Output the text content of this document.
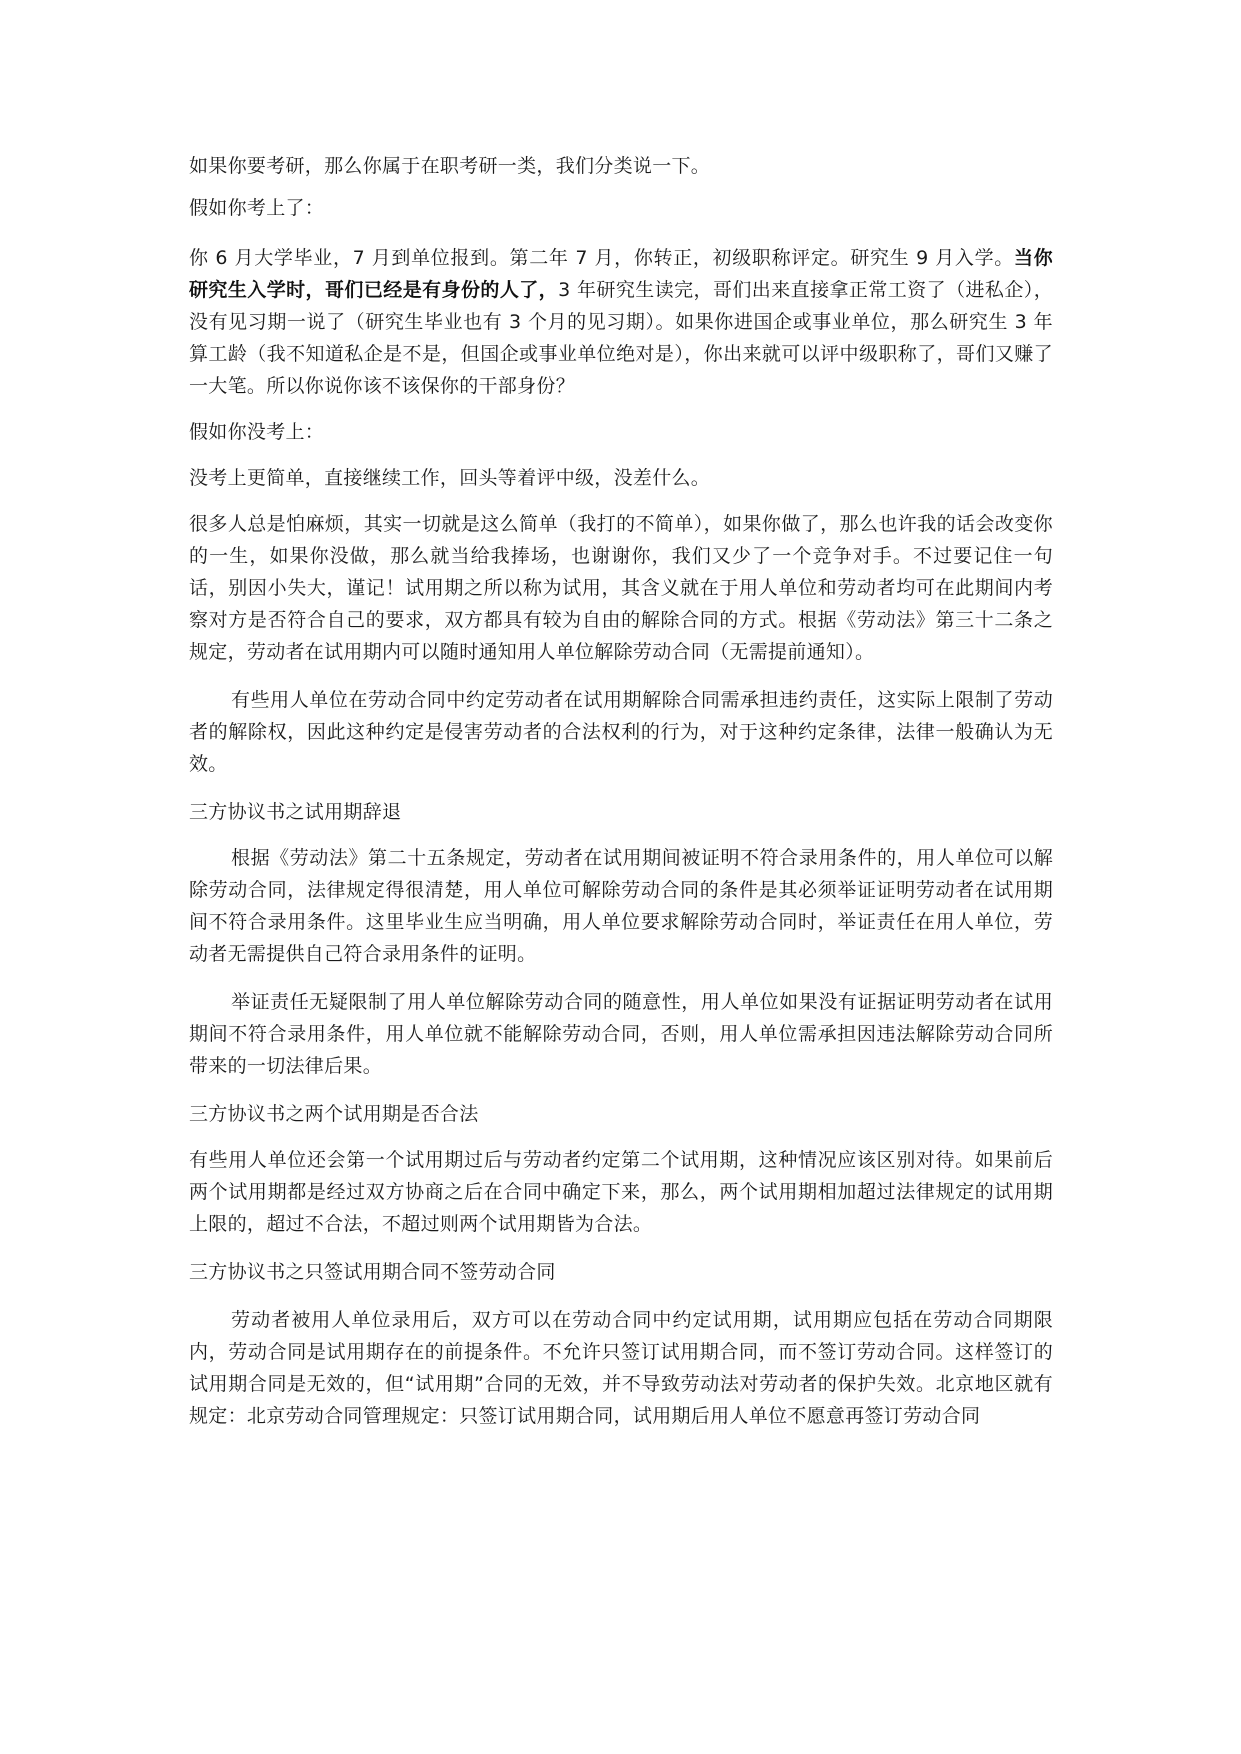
如果你要考研，那么你属于在职考研一类，我们分类说一下。

假如你考上了：

你 6 月大学毕业，7 月到单位报到。第二年 7 月，你转正，初级职称评定。研究生 9 月入学。当你研究生入学时，哥们已经是有身份的人了，3 年研究生读完，哥们出来直接拿正常工资了（进私企），没有见习期一说了（研究生毕业也有 3 个月的见习期）。如果你进国企或事业单位，那么研究生 3 年算工龄（我不知道私企是不是，但国企或事业单位绝对是），你出来就可以评中级职称了，哥们又赚了一大笔。所以你说你该不该保你的干部身份？

假如你没考上：

没考上更简单，直接继续工作，回头等着评中级，没差什么。

很多人总是怕麻烦，其实一切就是这么简单（我打的不简单），如果你做了，那么也许我的话会改变你的一生，如果你没做，那么就当给我捧场，也谢谢你，我们又少了一个竞争对手。不过要记住一句话，别因小失大，谨记！试用期之所以称为试用，其含义就在于用人单位和劳动者均可在此期间内考察对方是否符合自己的要求，双方都具有较为自由的解除合同的方式。根据《劳动法》第三十二条之规定，劳动者在试用期内可以随时通知用人单位解除劳动合同（无需提前通知）。

有些用人单位在劳动合同中约定劳动者在试用期解除合同需承担违约责任，这实际上限制了劳动者的解除权，因此这种约定是侵害劳动者的合法权利的行为，对于这种约定条律，法律一般确认为无效。

三方协议书之试用期辞退

根据《劳动法》第二十五条规定，劳动者在试用期间被证明不符合录用条件的，用人单位可以解除劳动合同，法律规定得很清楚，用人单位可解除劳动合同的条件是其必须举证证明劳动者在试用期间不符合录用条件。这里毕业生应当明确，用人单位要求解除劳动合同时，举证责任在用人单位，劳动者无需提供自己符合录用条件的证明。

举证责任无疑限制了用人单位解除劳动合同的随意性，用人单位如果没有证据证明劳动者在试用期间不符合录用条件，用人单位就不能解除劳动合同，否则，用人单位需承担因违法解除劳动合同所带来的一切法律后果。

三方协议书之两个试用期是否合法

有些用人单位还会第一个试用期过后与劳动者约定第二个试用期，这种情况应该区别对待。如果前后两个试用期都是经过双方协商之后在合同中确定下来，那么，两个试用期相加超过法律规定的试用期上限的，超过不合法，不超过则两个试用期皆为合法。

三方协议书之只签试用期合同不签劳动合同

劳动者被用人单位录用后，双方可以在劳动合同中约定试用期，试用期应包括在劳动合同期限内，劳动合同是试用期存在的前提条件。不允许只签订试用期合同，而不签订劳动合同。这样签订的试用期合同是无效的，但“试用期”合同的无效，并不导致劳动法对劳动者的保护失效。北京地区就有规定：北京劳动合同管理规定：只签订试用期合同，试用期后用人单位不愿意再签订劳动合同
